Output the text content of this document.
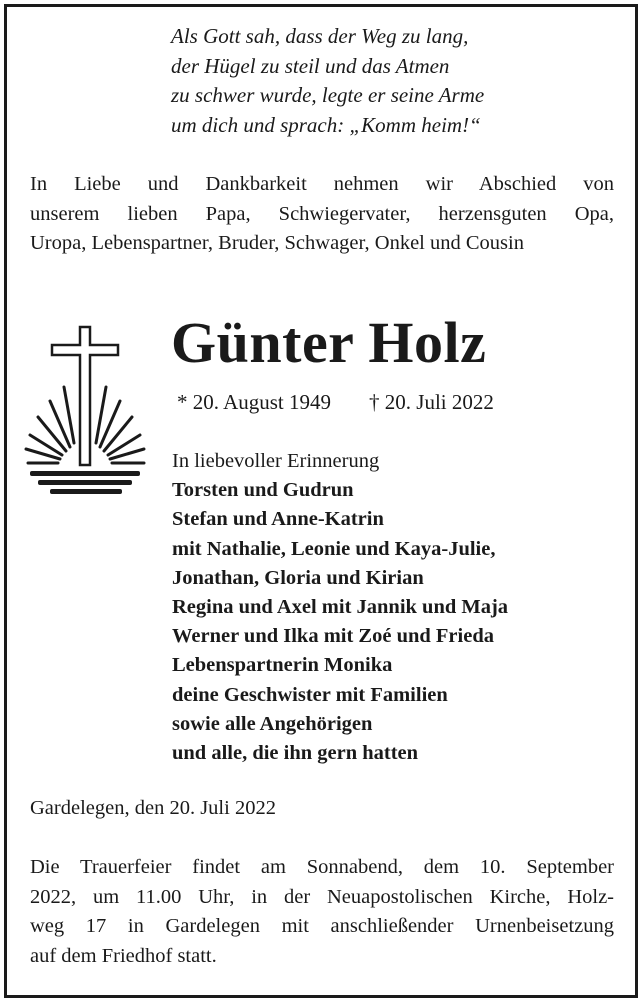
Als Gott sah, dass der Weg zu lang,
der Hügel zu steil und das Atmen
zu schwer wurde, legte er seine Arme
um dich und sprach: „Komm heim!“
In Liebe und Dankbarkeit nehmen wir Abschied von
unserem lieben Papa, Schwiegervater, herzensguten Opa,
Uropa, Lebenspartner, Bruder, Schwager, Onkel und Cousin
Günter Holz
* 20. August 1949 † 20. Juli 2022
In liebevoller Erinnerung
Torsten und Gudrun
Stefan und Anne-Katrin
mit Nathalie, Leonie und Kaya-Julie,
Jonathan, Gloria und Kirian
Regina und Axel mit Jannik und Maja
Werner und Ilka mit Zoé und Frieda
Lebenspartnerin Monika
deine Geschwister mit Familien
sowie alle Angehörigen
und alle, die ihn gern hatten
Gardelegen, den 20. Juli 2022
Die Trauerfeier findet am Sonnabend, dem 10. September
2022, um 11.00 Uhr, in der Neuapostolischen Kirche, Holz-
weg 17 in Gardelegen mit anschließender Urnenbeisetzung
auf dem Friedhof statt.
